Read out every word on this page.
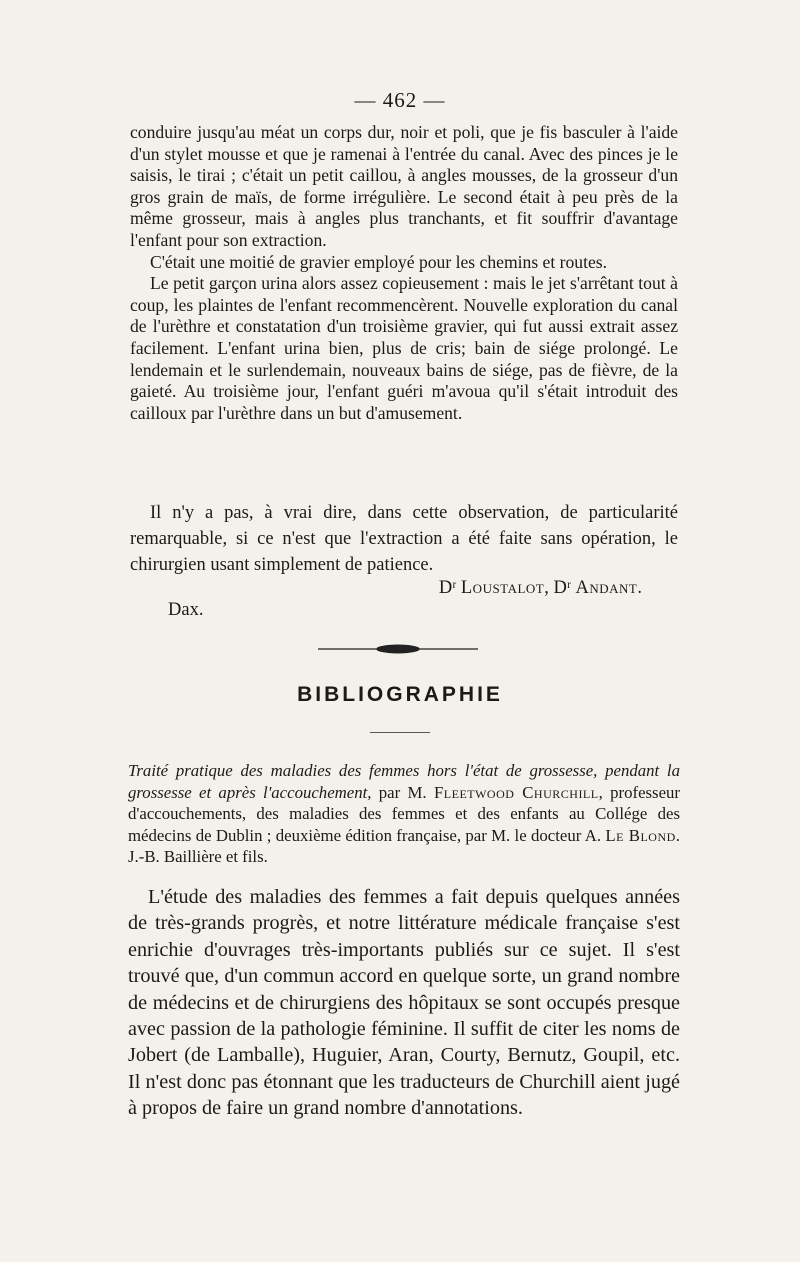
— 462 —

conduire jusqu'au méat un corps dur, noir et poli, que je fis basculer à l'aide d'un stylet mousse et que je ramenai à l'entrée du canal. Avec des pinces je le saisis, le tirai ; c'était un petit caillou, à angles mousses, de la grosseur d'un gros grain de maïs, de forme irrégulière. Le second était à peu près de la même grosseur, mais à angles plus tranchants, et fit souffrir d'avantage l'enfant pour son extraction.

C'était une moitié de gravier employé pour les chemins et routes.

Le petit garçon urina alors assez copieusement : mais le jet s'arrêtant tout à coup, les plaintes de l'enfant recommencèrent. Nouvelle exploration du canal de l'urèthre et constatation d'un troisième gravier, qui fut aussi extrait assez facilement. L'enfant urina bien, plus de cris; bain de siége prolongé. Le lendemain et le surlendemain, nouveaux bains de siége, pas de fièvre, de la gaieté. Au troisième jour, l'enfant guéri m'avoua qu'il s'était introduit des cailloux par l'urèthre dans un but d'amusement.

Il n'y a pas, à vrai dire, dans cette observation, de particularité remarquable, si ce n'est que l'extraction a été faite sans opération, le chirurgien usant simplement de patience.

Dʳ Loustalot, Dʳ Andant.
Dax.
BIBLIOGRAPHIE
Traité pratique des maladies des femmes hors l'état de grossesse, pendant la grossesse et après l'accouchement, par M. Fleetwood Churchill, professeur d'accouchements, des maladies des femmes et des enfants au Collége des médecins de Dublin ; deuxième édition française, par M. le docteur A. Le Blond. J.-B. Baillière et fils.

L'étude des maladies des femmes a fait depuis quelques années de très-grands progrès, et notre littérature médicale française s'est enrichie d'ouvrages très-importants publiés sur ce sujet. Il s'est trouvé que, d'un commun accord en quelque sorte, un grand nombre de médecins et de chirurgiens des hôpitaux se sont occupés presque avec passion de la pathologie féminine. Il suffit de citer les noms de Jobert (de Lamballe), Huguier, Aran, Courty, Bernutz, Goupil, etc. Il n'est donc pas étonnant que les traducteurs de Churchill aient jugé à propos de faire un grand nombre d'annotations.
